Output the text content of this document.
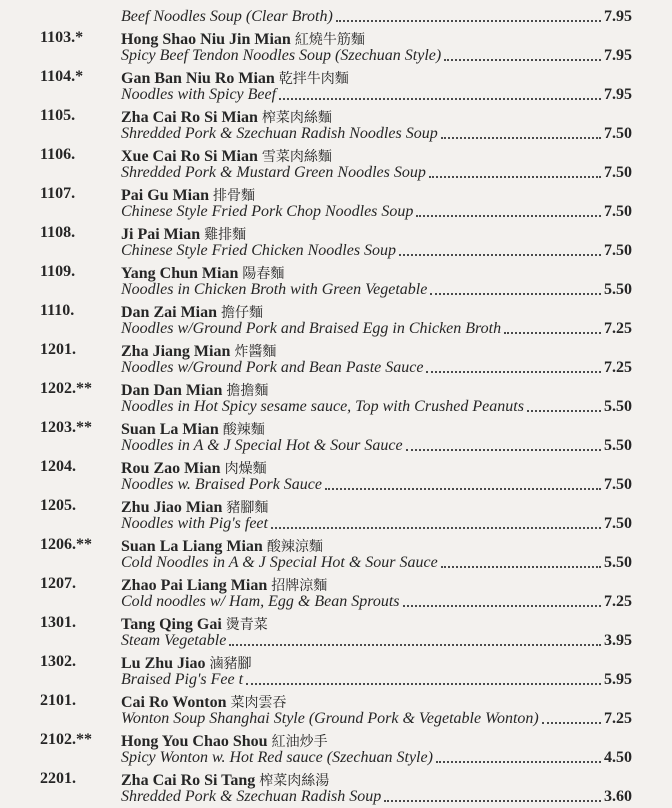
Beef Noodles Soup (Clear Broth)	7.95
1103.* Hong Shao Niu Jin Mian 紅燒牛筋麵
Spicy Beef Tendon Noodles Soup (Szechuan Style)	7.95
1104.* Gan Ban Niu Ro Mian 乾拌牛肉麵
Noodles with Spicy Beef	7.95
1105.	Zha Cai Ro Si Mian 榨菜肉絲麵
Shredded Pork & Szechuan Radish Noodles Soup	7.50
1106.	Xue Cai Ro Si Mian 雪菜肉絲麵
Shredded Pork & Mustard Green Noodles Soup	7.50
1107.	Pai Gu Mian 排骨麵
Chinese Style Fried Pork Chop Noodles Soup	7.50
1108.	Ji Pai Mian 雞排麵
Chinese Style Fried Chicken Noodles Soup	7.50
1109.	Yang Chun Mian 陽春麵
Noodles in Chicken Broth with Green Vegetable	5.50
1110.	Dan Zai Mian 擔仔麵
Noodles w/Ground Pork and Braised Egg in Chicken Broth	7.25
1201.	Zha Jiang Mian 炸醬麵
Noodles w/Ground Pork and Bean Paste Sauce	7.25
1202.** Dan Dan Mian 擔擔麵
Noodles in Hot Spicy sesame sauce, Top with Crushed Peanuts	5.50
1203.** Suan La Mian 酸辣麵
Noodles in A & J Special Hot & Sour Sauce	5.50
1204.	Rou Zao Mian 肉燥麵
Noodles w. Braised Pork Sauce	7.50
1205.	Zhu Jiao Mian 豬腳麵
Noodles with Pig's feet	7.50
1206.** Suan La Liang Mian 酸辣涼麵
Cold Noodles in A & J Special Hot & Sour Sauce	5.50
1207.	Zhao Pai Liang Mian 招牌涼麵
Cold noodles w/ Ham, Egg & Bean Sprouts	7.25
1301.	Tang Qing Gai 燙青菜
Steam Vegetable	3.95
1302.	Lu Zhu Jiao 滷豬腳
Braised Pig's Fee t	5.95
2101.	Cai Ro Wonton 菜肉雲吞
Wonton Soup Shanghai Style (Ground Pork & Vegetable Wonton)	7.25
2102.** Hong You Chao Shou 紅油炒手
Spicy Wonton w. Hot Red sauce (Szechuan Style)	4.50
2201.	Zha Cai Ro Si Tang 榨菜肉絲湯
Shredded Pork & Szechuan Radish Soup	3.60
